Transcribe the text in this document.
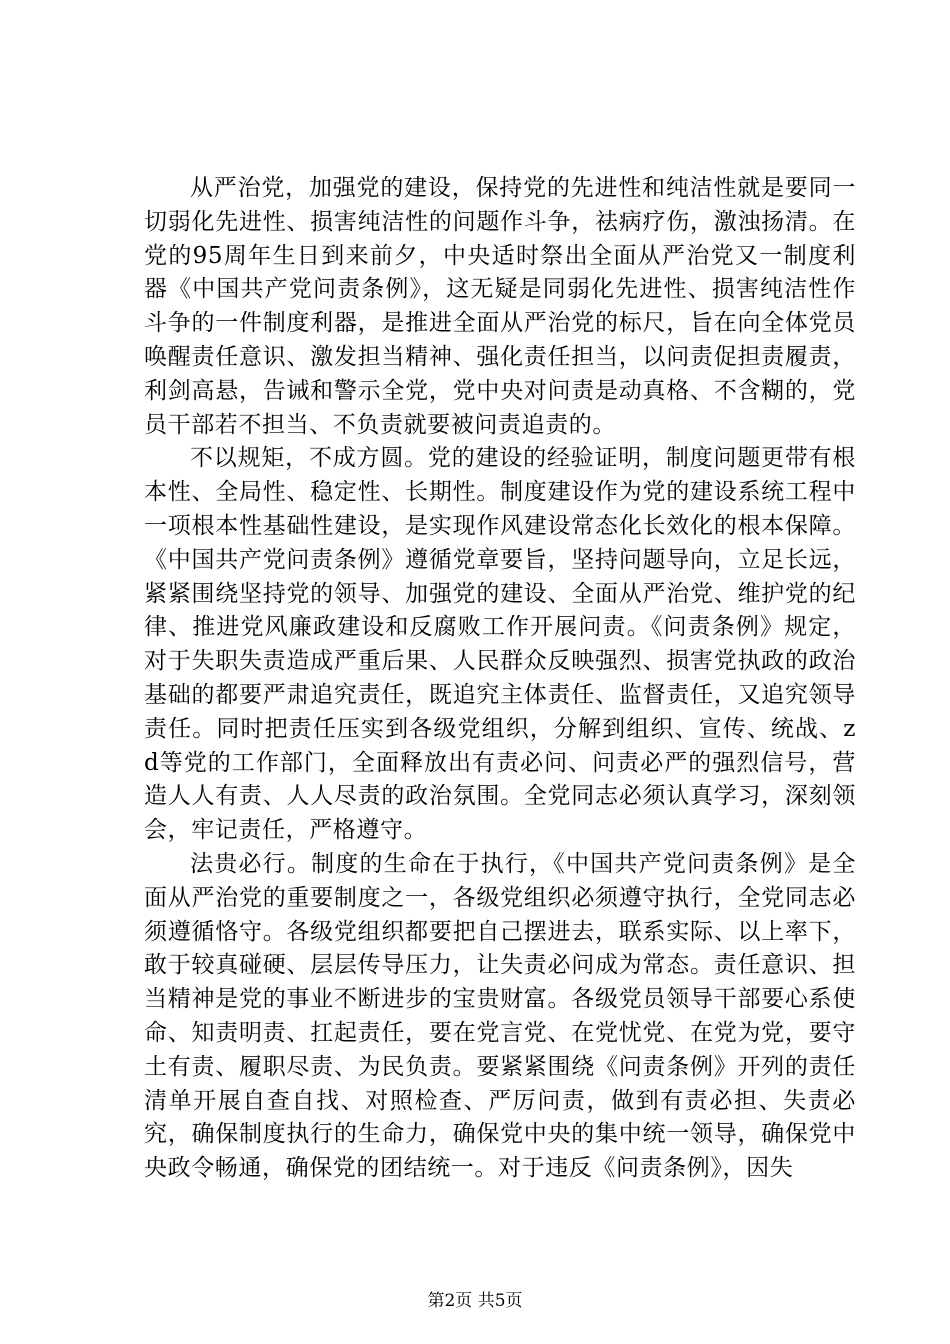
从严治党，加强党的建设，保持党的先进性和纯洁性就是要同一切弱化先进性、损害纯洁性的问题作斗争，祛病疗伤，激浊扬清。在党的95周年生日到来前夕，中央适时祭出全面从严治党又一制度利器《中国共产党问责条例》，这无疑是同弱化先进性、损害纯洁性作斗争的一件制度利器，是推进全面从严治党的标尺，旨在向全体党员唤醒责任意识、激发担当精神、强化责任担当，以问责促担责履责，利剑高悬，告诫和警示全党，党中央对问责是动真格、不含糊的，党员干部若不担当、不负责就要被问责追责的。

不以规矩，不成方圆。党的建设的经验证明，制度问题更带有根本性、全局性、稳定性、长期性。制度建设作为党的建设系统工程中一项根本性基础性建设，是实现作风建设常态化长效化的根本保障。《中国共产党问责条例》遵循党章要旨，坚持问题导向，立足长远，紧紧围绕坚持党的领导、加强党的建设、全面从严治党、维护党的纪律、推进党风廉政建设和反腐败工作开展问责。《问责条例》规定，对于失职失责造成严重后果、人民群众反映强烈、损害党执政的政治基础的都要严肃追究责任，既追究主体责任、监督责任，又追究领导责任。同时把责任压实到各级党组织，分解到组织、宣传、统战、zd等党的工作部门，全面释放出有责必问、问责必严的强烈信号，营造人人有责、人人尽责的政治氛围。全党同志必须认真学习，深刻领会，牢记责任，严格遵守。

法贵必行。制度的生命在于执行，《中国共产党问责条例》是全面从严治党的重要制度之一，各级党组织必须遵守执行，全党同志必须遵循恪守。各级党组织都要把自己摆进去，联系实际、以上率下，敢于较真碰硬、层层传导压力，让失责必问成为常态。责任意识、担当精神是党的事业不断进步的宝贵财富。各级党员领导干部要心系使命、知责明责、扛起责任，要在党言党、在党忧党、在党为党，要守土有责、履职尽责、为民负责。要紧紧围绕《问责条例》开列的责任清单开展自查自找、对照检查、严厉问责，做到有责必担、失责必究，确保制度执行的生命力，确保党中央的集中统一领导，确保党中央政令畅通，确保党的团结统一。对于违反《问责条例》，因失

第2页 共5页
